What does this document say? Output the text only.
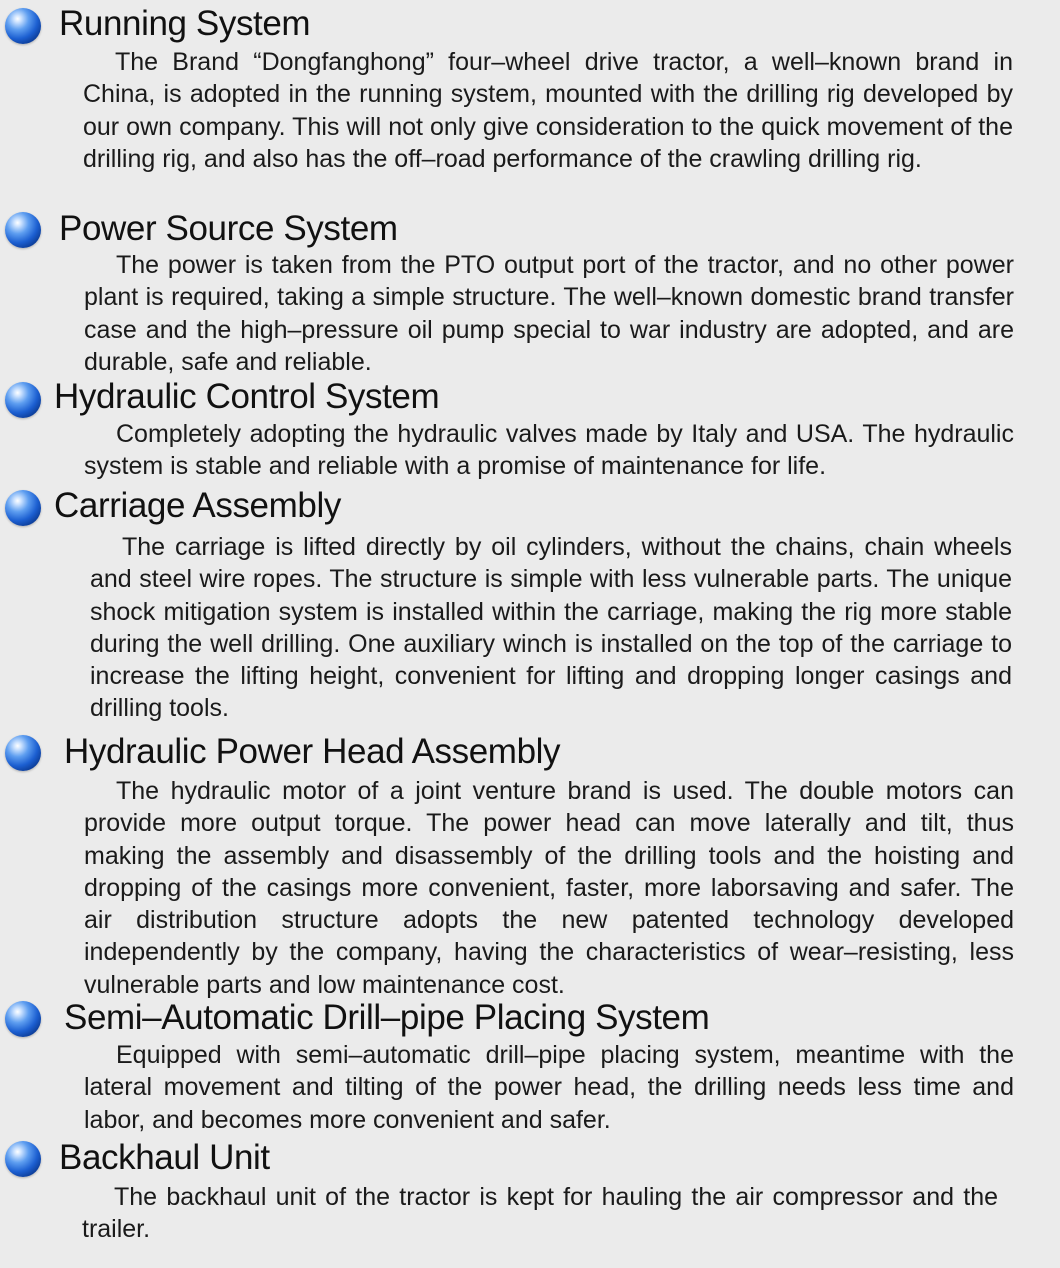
Running System

The Brand “Dongfanghong” four–wheel drive tractor, a well–known brand in China, is adopted in the running system, mounted with the drilling rig developed by our own company. This will not only give consideration to the quick movement of the drilling rig, and also has the off–road performance of the crawling drilling rig.

Power Source System

The power is taken from the PTO output port of the tractor, and no other power plant is required, taking a simple structure. The well–known domestic brand transfer case and the high–pressure oil pump special to war industry are adopted, and are durable, safe and reliable.

Hydraulic Control System

Completely adopting the hydraulic valves made by Italy and USA. The hydraulic system is stable and reliable with a promise of maintenance for life.

Carriage Assembly

The carriage is lifted directly by oil cylinders, without the chains, chain wheels and steel wire ropes. The structure is simple with less vulnerable parts. The unique shock mitigation system is installed within the carriage, making the rig more stable during the well drilling. One auxiliary winch is installed on the top of the carriage to increase the lifting height, convenient for lifting and dropping longer casings and drilling tools.

Hydraulic Power Head Assembly

The hydraulic motor of a joint venture brand is used. The double motors can provide more output torque. The power head can move laterally and tilt, thus making the assembly and disassembly of the drilling tools and the hoisting and dropping of the casings more convenient, faster, more laborsaving and safer. The air distribution structure adopts the new patented technology developed independently by the company, having the characteristics of wear–resisting, less vulnerable parts and low maintenance cost.

Semi–Automatic Drill–pipe Placing System

Equipped with semi–automatic drill–pipe placing system, meantime with the lateral movement and tilting of the power head, the drilling needs less time and labor, and becomes more convenient and safer.

Backhaul Unit

The backhaul unit of the tractor is kept for hauling the air compressor and the trailer.
